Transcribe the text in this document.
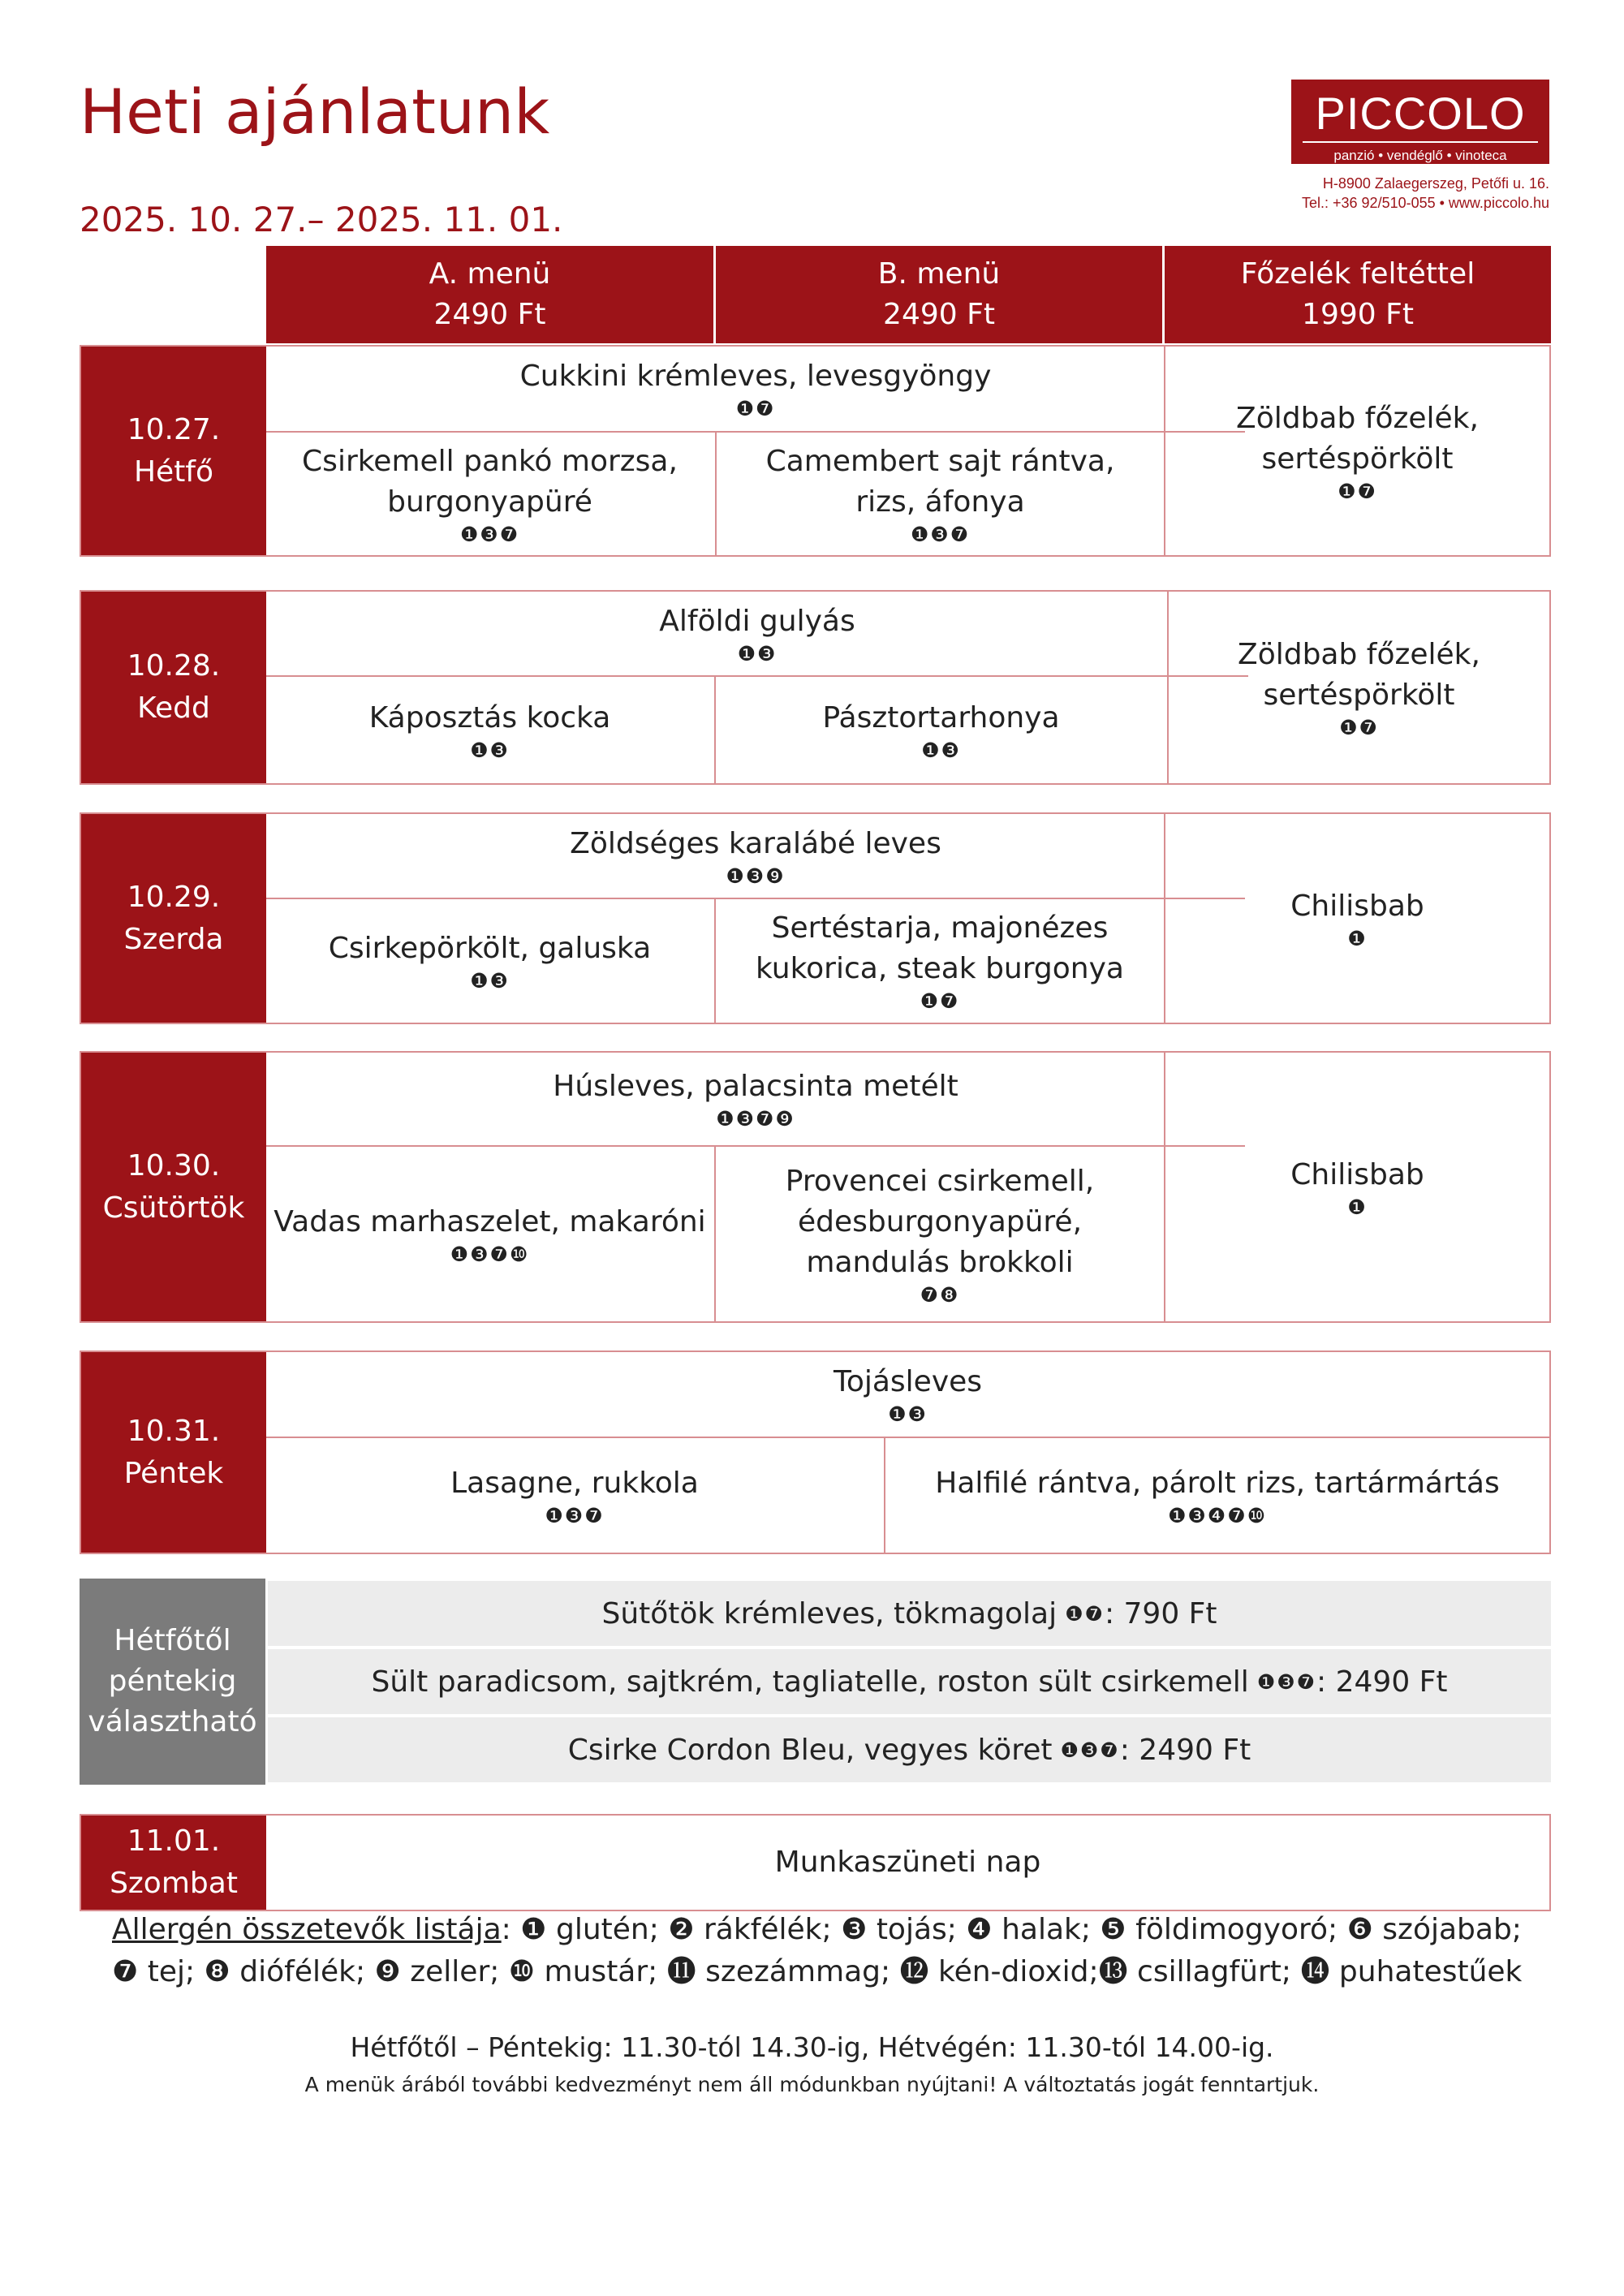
Heti ajánlatunk
2025. 10. 27.– 2025. 11. 01.
PICCOLO
panzió • vendéglő • vinoteca
H-8900 Zalaegerszeg, Petőfi u. 16.
Tel.: +36 92/510-055 • www.piccolo.hu
A. menü
2490 Ft
B. menü
2490 Ft
Főzelék feltéttel
1990 Ft
10.27.
Hétfő
Cukkini krémleves, levesgyöngy
❶❼
Csirkemell pankó morzsa, burgonyapüré
❶❸❼
Camembert sajt rántva, rizs, áfonya
❶❸❼
Zöldbab főzelék, sertéspörkölt
❶❼
10.28.
Kedd
Alföldi gulyás
❶❸
Káposztás kocka
❶❸
Pásztortarhonya
❶❸
Zöldbab főzelék, sertéspörkölt
❶❼
10.29.
Szerda
Zöldséges karalábé leves
❶❸❾
Csirkepörkölt, galuska
❶❸
Sertéstarja, majonézes kukorica, steak burgonya
❶❼
Chilisbab
❶
10.30.
Csütörtök
Húsleves, palacsinta metélt
❶❸❼❾
Vadas marhaszelet, makaróni
❶❸❼❿
Provencei csirkemell, édesburgonyapüré, mandulás brokkoli
❼❽
Chilisbab
❶
10.31.
Péntek
Tojásleves
❶❸
Lasagne, rukkola
❶❸❼
Halfilé rántva, párolt rizs, tartármártás
❶❸❹❼❿
Hétfőtől
péntekig
választható
Sütőtök krémleves, tökmagolaj ❶❼ : 790 Ft
Sült paradicsom, sajtkrém, tagliatelle, roston sült csirkemell ❶❸❼ : 2490 Ft
Csirke Cordon Bleu, vegyes köret ❶❸❼ : 2490 Ft
11.01.
Szombat
Munkaszüneti nap
Allergén összetevők listája: ❶ glutén; ❷ rákfélék; ❸ tojás; ❹ halak; ❺ földimogyoró; ❻ szójabab;
❼ tej; ❽ diófélék; ❾ zeller; ❿ mustár; ⓫ szezámmag; ⓬ kén-dioxid;⓭ csillagfürt; ⓮ puhatestűek
Hétfőtől – Péntekig: 11.30-tól 14.30-ig, Hétvégén: 11.30-tól 14.00-ig.
A menük árából további kedvezményt nem áll módunkban nyújtani! A változtatás jogát fenntartjuk.
